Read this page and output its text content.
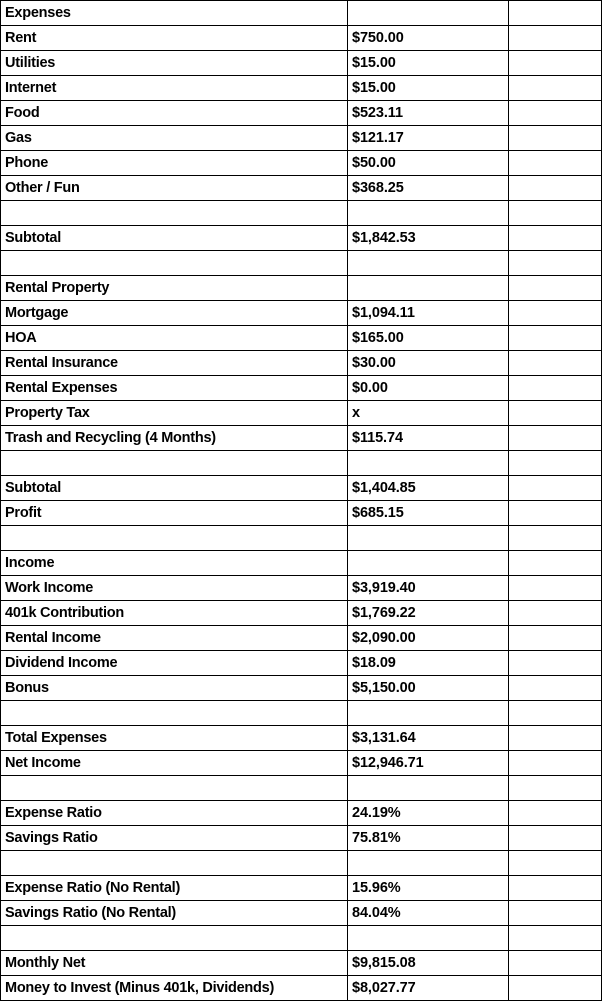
Expenses		
Rent	$750.00	
Utilities	$15.00	
Internet	$15.00	
Food	$523.11	
Gas	$121.17	
Phone	$50.00	
Other / Fun	$368.25	

Subtotal	$1,842.53	

Rental Property		
Mortgage	$1,094.11	
HOA	$165.00	
Rental Insurance	$30.00	
Rental Expenses	$0.00	
Property Tax	x	
Trash and Recycling (4 Months)	$115.74	

Subtotal	$1,404.85	
Profit	$685.15	

Income		
Work Income	$3,919.40	
401k Contribution	$1,769.22	
Rental Income	$2,090.00	
Dividend Income	$18.09	
Bonus	$5,150.00	

Total Expenses	$3,131.64	
Net Income	$12,946.71	

Expense Ratio	24.19%	
Savings Ratio	75.81%	

Expense Ratio (No Rental)	15.96%	
Savings Ratio (No Rental)	84.04%	

Monthly Net	$9,815.08	
Money to Invest (Minus 401k, Dividends)	$8,027.77	
